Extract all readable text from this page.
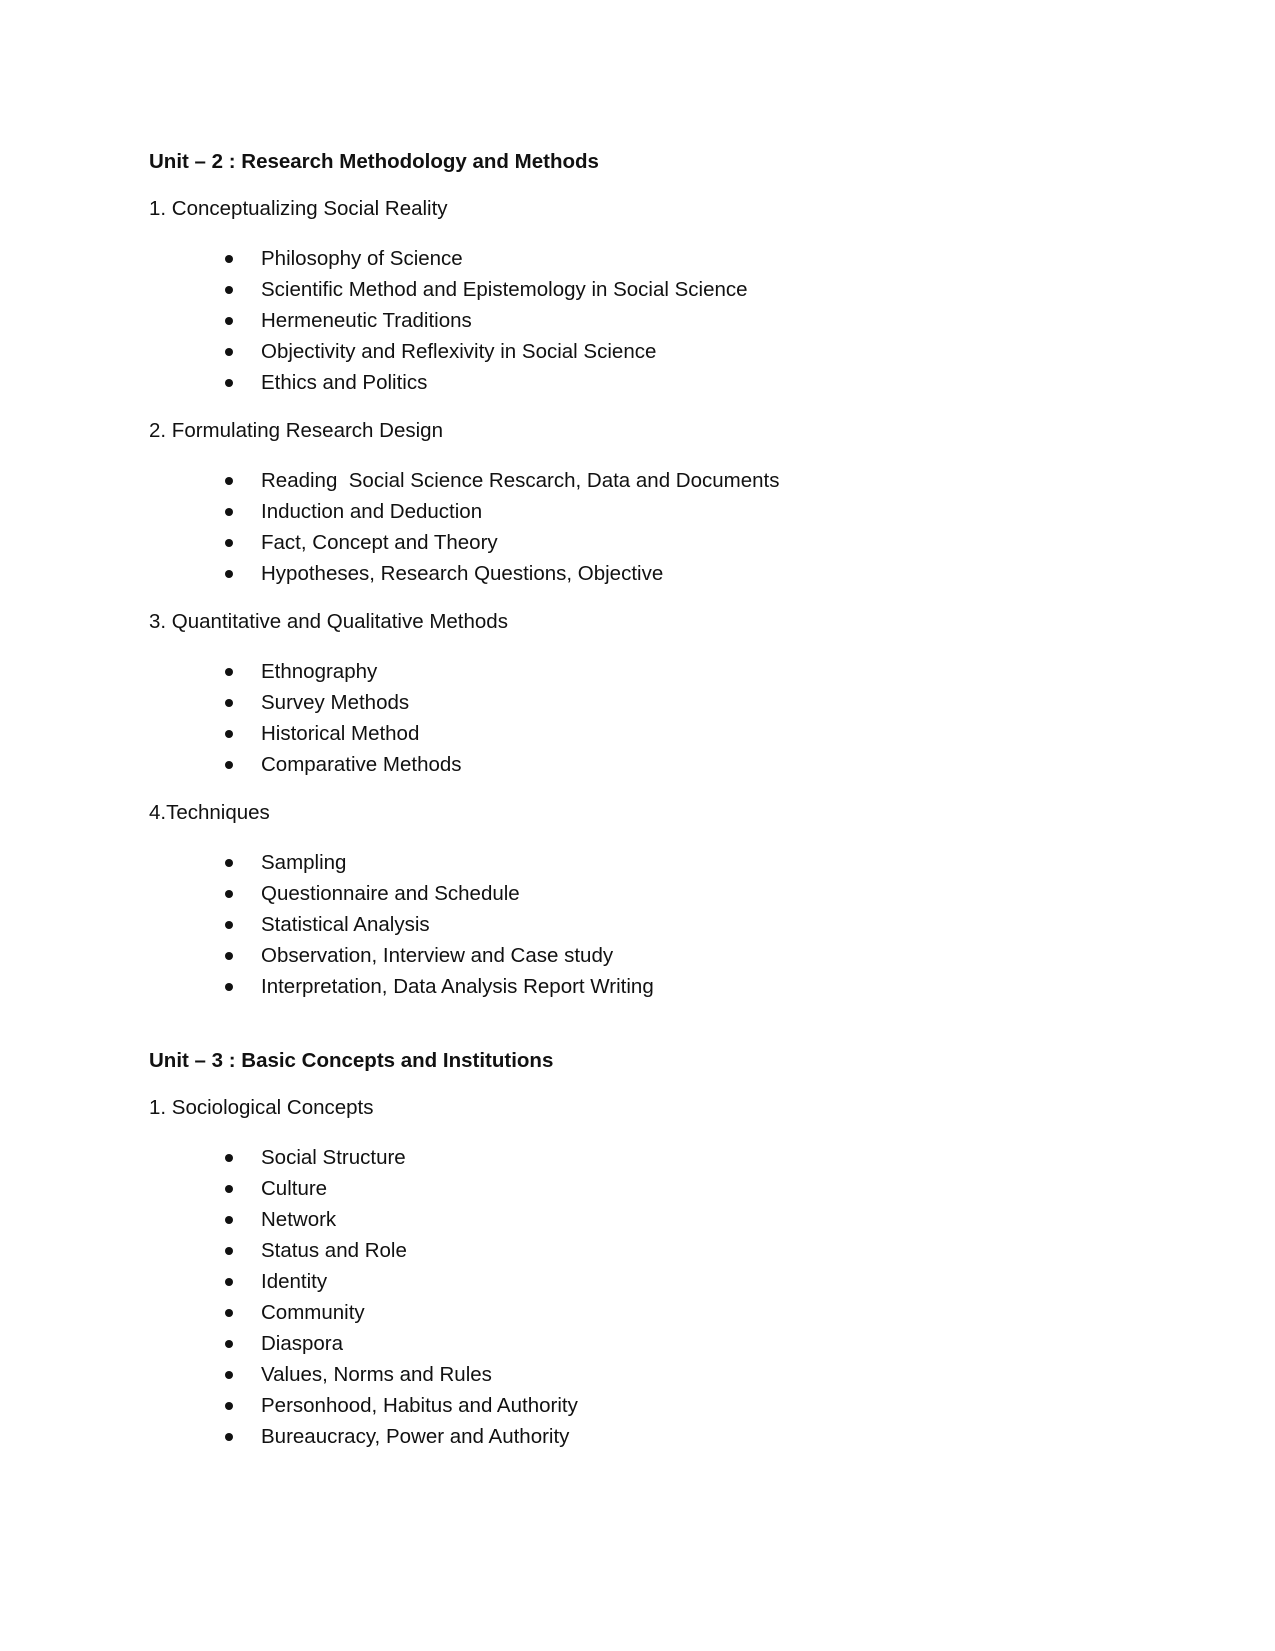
Unit – 2 : Research Methodology and Methods
1. Conceptualizing Social Reality
Philosophy of Science
Scientific Method and Epistemology in Social Science
Hermeneutic Traditions
Objectivity and Reflexivity in Social Science
Ethics and Politics
2. Formulating Research Design
Reading  Social Science Rescarch, Data and Documents
Induction and Deduction
Fact, Concept and Theory
Hypotheses, Research Questions, Objective
3. Quantitative and Qualitative Methods
Ethnography
Survey Methods
Historical Method
Comparative Methods
4.Techniques
Sampling
Questionnaire and Schedule
Statistical Analysis
Observation, Interview and Case study
Interpretation, Data Analysis Report Writing
Unit – 3 : Basic Concepts and Institutions
1. Sociological Concepts
Social Structure
Culture
Network
Status and Role
Identity
Community
Diaspora
Values, Norms and Rules
Personhood, Habitus and Authority
Bureaucracy, Power and Authority
